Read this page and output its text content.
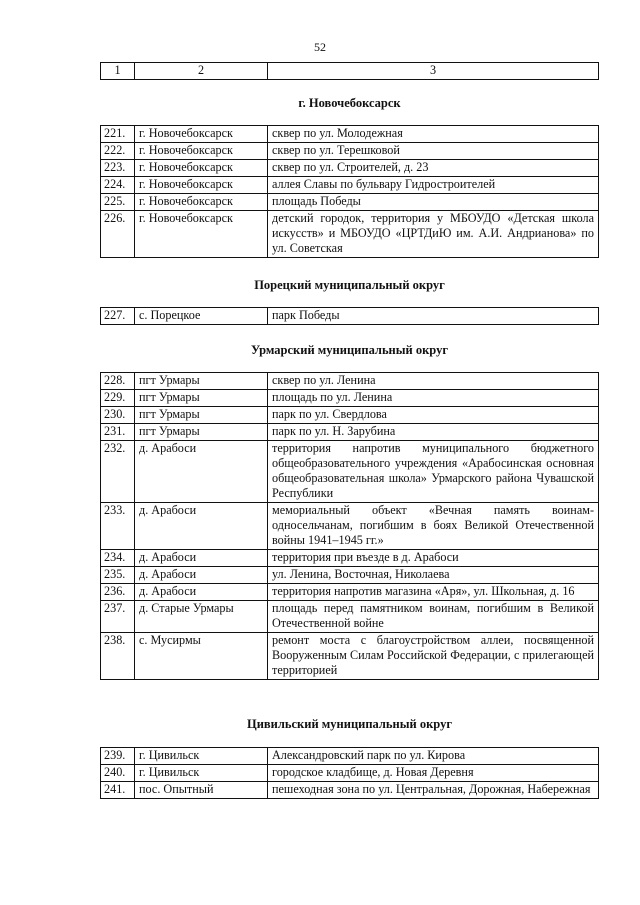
52
1	2	3
г. Новочебоксарск
221.	г. Новочебоксарск	сквер по ул. Молодежная
222.	г. Новочебоксарск	сквер по ул. Терешковой
223.	г. Новочебоксарск	сквер по ул. Строителей, д. 23
224.	г. Новочебоксарск	аллея Славы по бульвару Гидростроителей
225.	г. Новочебоксарск	площадь Победы
226.	г. Новочебоксарск	детский городок, территория у МБОУДО «Детская школа искусств» и МБОУДО «ЦРТДиЮ им. А.И. Андрианова» по ул. Советская
Порецкий муниципальный округ
227.	с. Порецкое	парк Победы
Урмарский муниципальный округ
228.	пгт Урмары	сквер по ул. Ленина
229.	пгт Урмары	площадь по ул. Ленина
230.	пгт Урмары	парк по ул. Свердлова
231.	пгт Урмары	парк по ул. Н. Зарубина
232.	д. Арабоси	территория напротив муниципального бюджетного общеобразовательного учреждения «Арабосинская основная общеобразовательная школа» Урмарского района Чувашской Республики
233.	д. Арабоси	мемориальный объект «Вечная память воинам-односельчанам, погибшим в боях Великой Отечественной войны 1941–1945 гг.»
234.	д. Арабоси	территория при въезде в д. Арабоси
235.	д. Арабоси	ул. Ленина, Восточная, Николаева
236.	д. Арабоси	территория напротив магазина «Аря», ул. Школьная, д. 16
237.	д. Старые Урмары	площадь перед памятником воинам, погибшим в Великой Отечественной войне
238.	с. Мусирмы	ремонт моста с благоустройством аллеи, посвященной Вооруженным Силам Российской Федерации, с прилегающей территорией
Цивильский муниципальный округ
239.	г. Цивильск	Александровский парк по ул. Кирова
240.	г. Цивильск	городское кладбище, д. Новая Деревня
241.	пос. Опытный	пешеходная зона по ул. Центральная, Дорожная, Набережная
